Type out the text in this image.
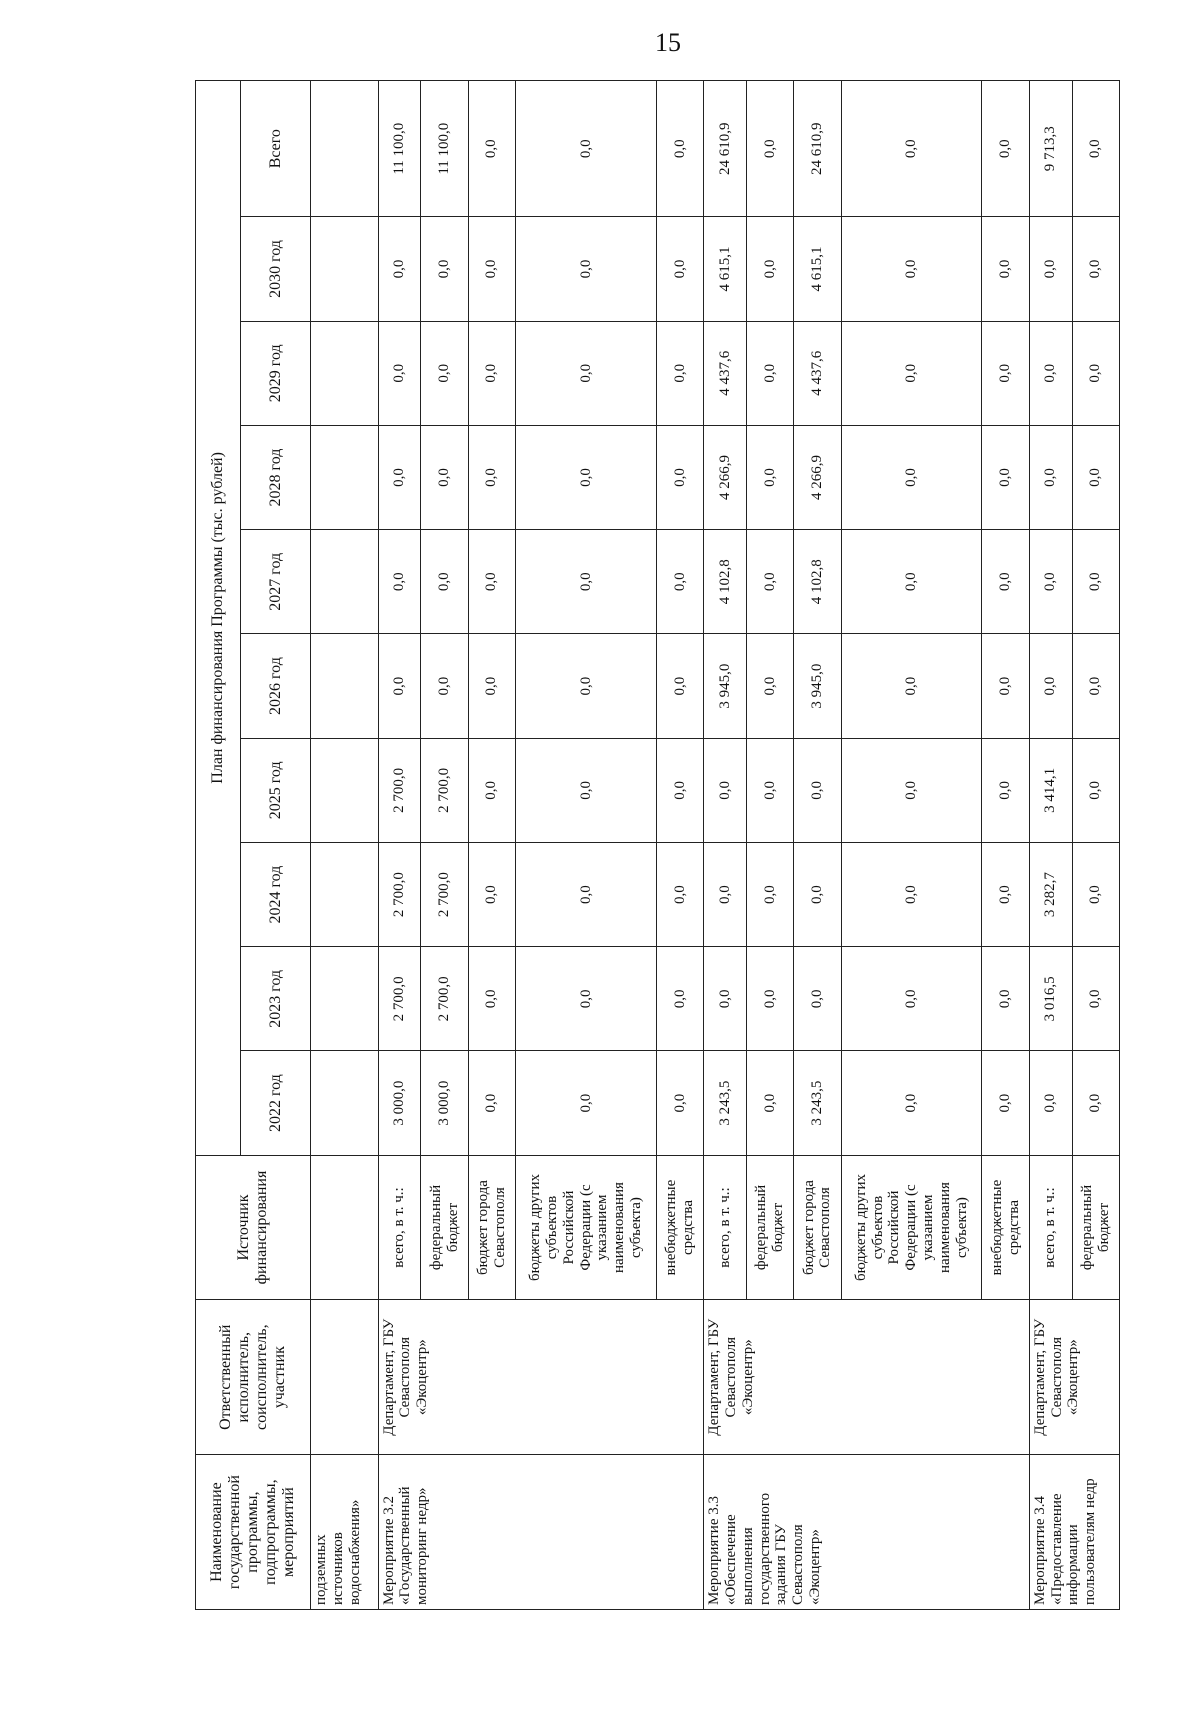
15
Наименование государственной программы, подпрограммы, мероприятий	Ответственный исполнитель, соисполнитель, участник	Источник финансирования	План финансирования Программы (тыс. рублей)									
			2022 год	2023 год	2024 год	2025 год	2026 год	2027 год	2028 год	2029 год	2030 год	Всего
подземных источников водоснабжения»												
Мероприятие 3.2 «Государственный мониторинг недр»	Департамент, ГБУ Севастополя «Экоцентр»	всего, в т. ч.:	3 000,0	2 700,0	2 700,0	2 700,0	0,0	0,0	0,0	0,0	0,0	11 100,0
		федеральный бюджет	3 000,0	2 700,0	2 700,0	2 700,0	0,0	0,0	0,0	0,0	0,0	11 100,0
		бюджет города Севастополя	0,0	0,0	0,0	0,0	0,0	0,0	0,0	0,0	0,0	0,0
		бюджеты других субъектов Российской Федерации (с указанием наименования субъекта)	0,0	0,0	0,0	0,0	0,0	0,0	0,0	0,0	0,0	0,0
		внебюджетные средства	0,0	0,0	0,0	0,0	0,0	0,0	0,0	0,0	0,0	0,0
Мероприятие 3.3 «Обеспечение выполнения государственного задания ГБУ Севастополя «Экоцентр»	Департамент, ГБУ Севастополя «Экоцентр»	всего, в т. ч.:	3 243,5	0,0	0,0	0,0	3 945,0	4 102,8	4 266,9	4 437,6	4 615,1	24 610,9
		федеральный бюджет	0,0	0,0	0,0	0,0	0,0	0,0	0,0	0,0	0,0	0,0
		бюджет города Севастополя	3 243,5	0,0	0,0	0,0	3 945,0	4 102,8	4 266,9	4 437,6	4 615,1	24 610,9
		бюджеты других субъектов Российской Федерации (с указанием наименования субъекта)	0,0	0,0	0,0	0,0	0,0	0,0	0,0	0,0	0,0	0,0
		внебюджетные средства	0,0	0,0	0,0	0,0	0,0	0,0	0,0	0,0	0,0	0,0
Мероприятие 3.4 «Предоставление информации пользователям недр	Департамент, ГБУ Севастополя «Экоцентр»	всего, в т. ч.:	0,0	3 016,5	3 282,7	3 414,1	0,0	0,0	0,0	0,0	0,0	9 713,3
		федеральный бюджет	0,0	0,0	0,0	0,0	0,0	0,0	0,0	0,0	0,0	0,0
